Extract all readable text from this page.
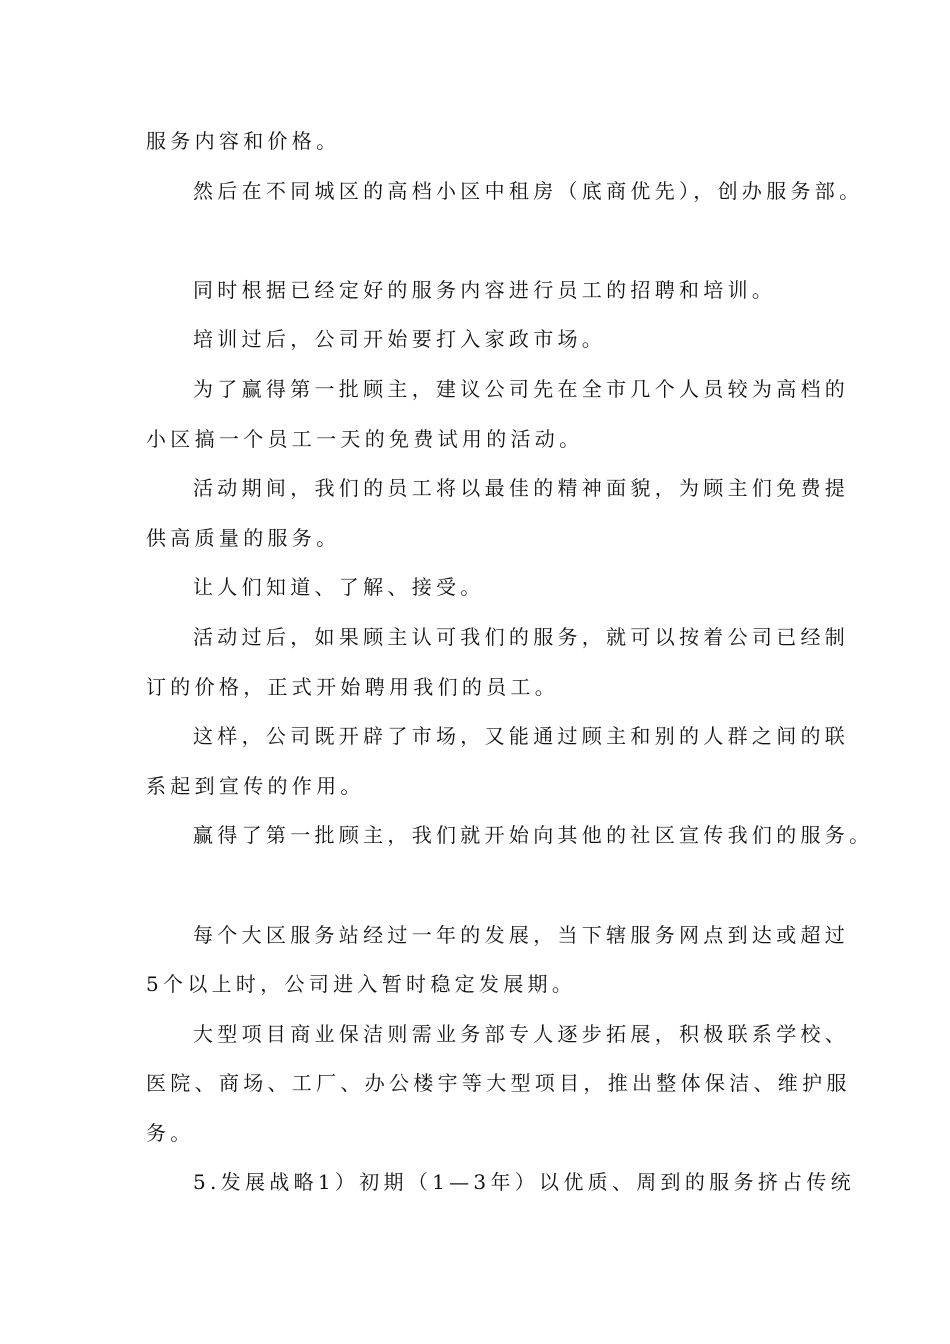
服务内容和价格。
然后在不同城区的高档小区中租房（底商优先），创办服务部。
同时根据已经定好的服务内容进行员工的招聘和培训。
培训过后，公司开始要打入家政市场。
为了赢得第一批顾主，建议公司先在全市几个人员较为高档的
小区搞一个员工一天的免费试用的活动。
活动期间，我们的员工将以最佳的精神面貌，为顾主们免费提
供高质量的服务。
让人们知道、了解、接受。
活动过后，如果顾主认可我们的服务，就可以按着公司已经制
订的价格，正式开始聘用我们的员工。
这样，公司既开辟了市场，又能通过顾主和别的人群之间的联
系起到宣传的作用。
赢得了第一批顾主，我们就开始向其他的社区宣传我们的服务。
每个大区服务站经过一年的发展，当下辖服务网点到达或超过
5个以上时，公司进入暂时稳定发展期。
大型项目商业保洁则需业务部专人逐步拓展，积极联系学校、
医院、商场、工厂、办公楼宇等大型项目，推出整体保洁、维护服
务。
5.发展战略1）初期（1—3年）以优质、周到的服务挤占传统
